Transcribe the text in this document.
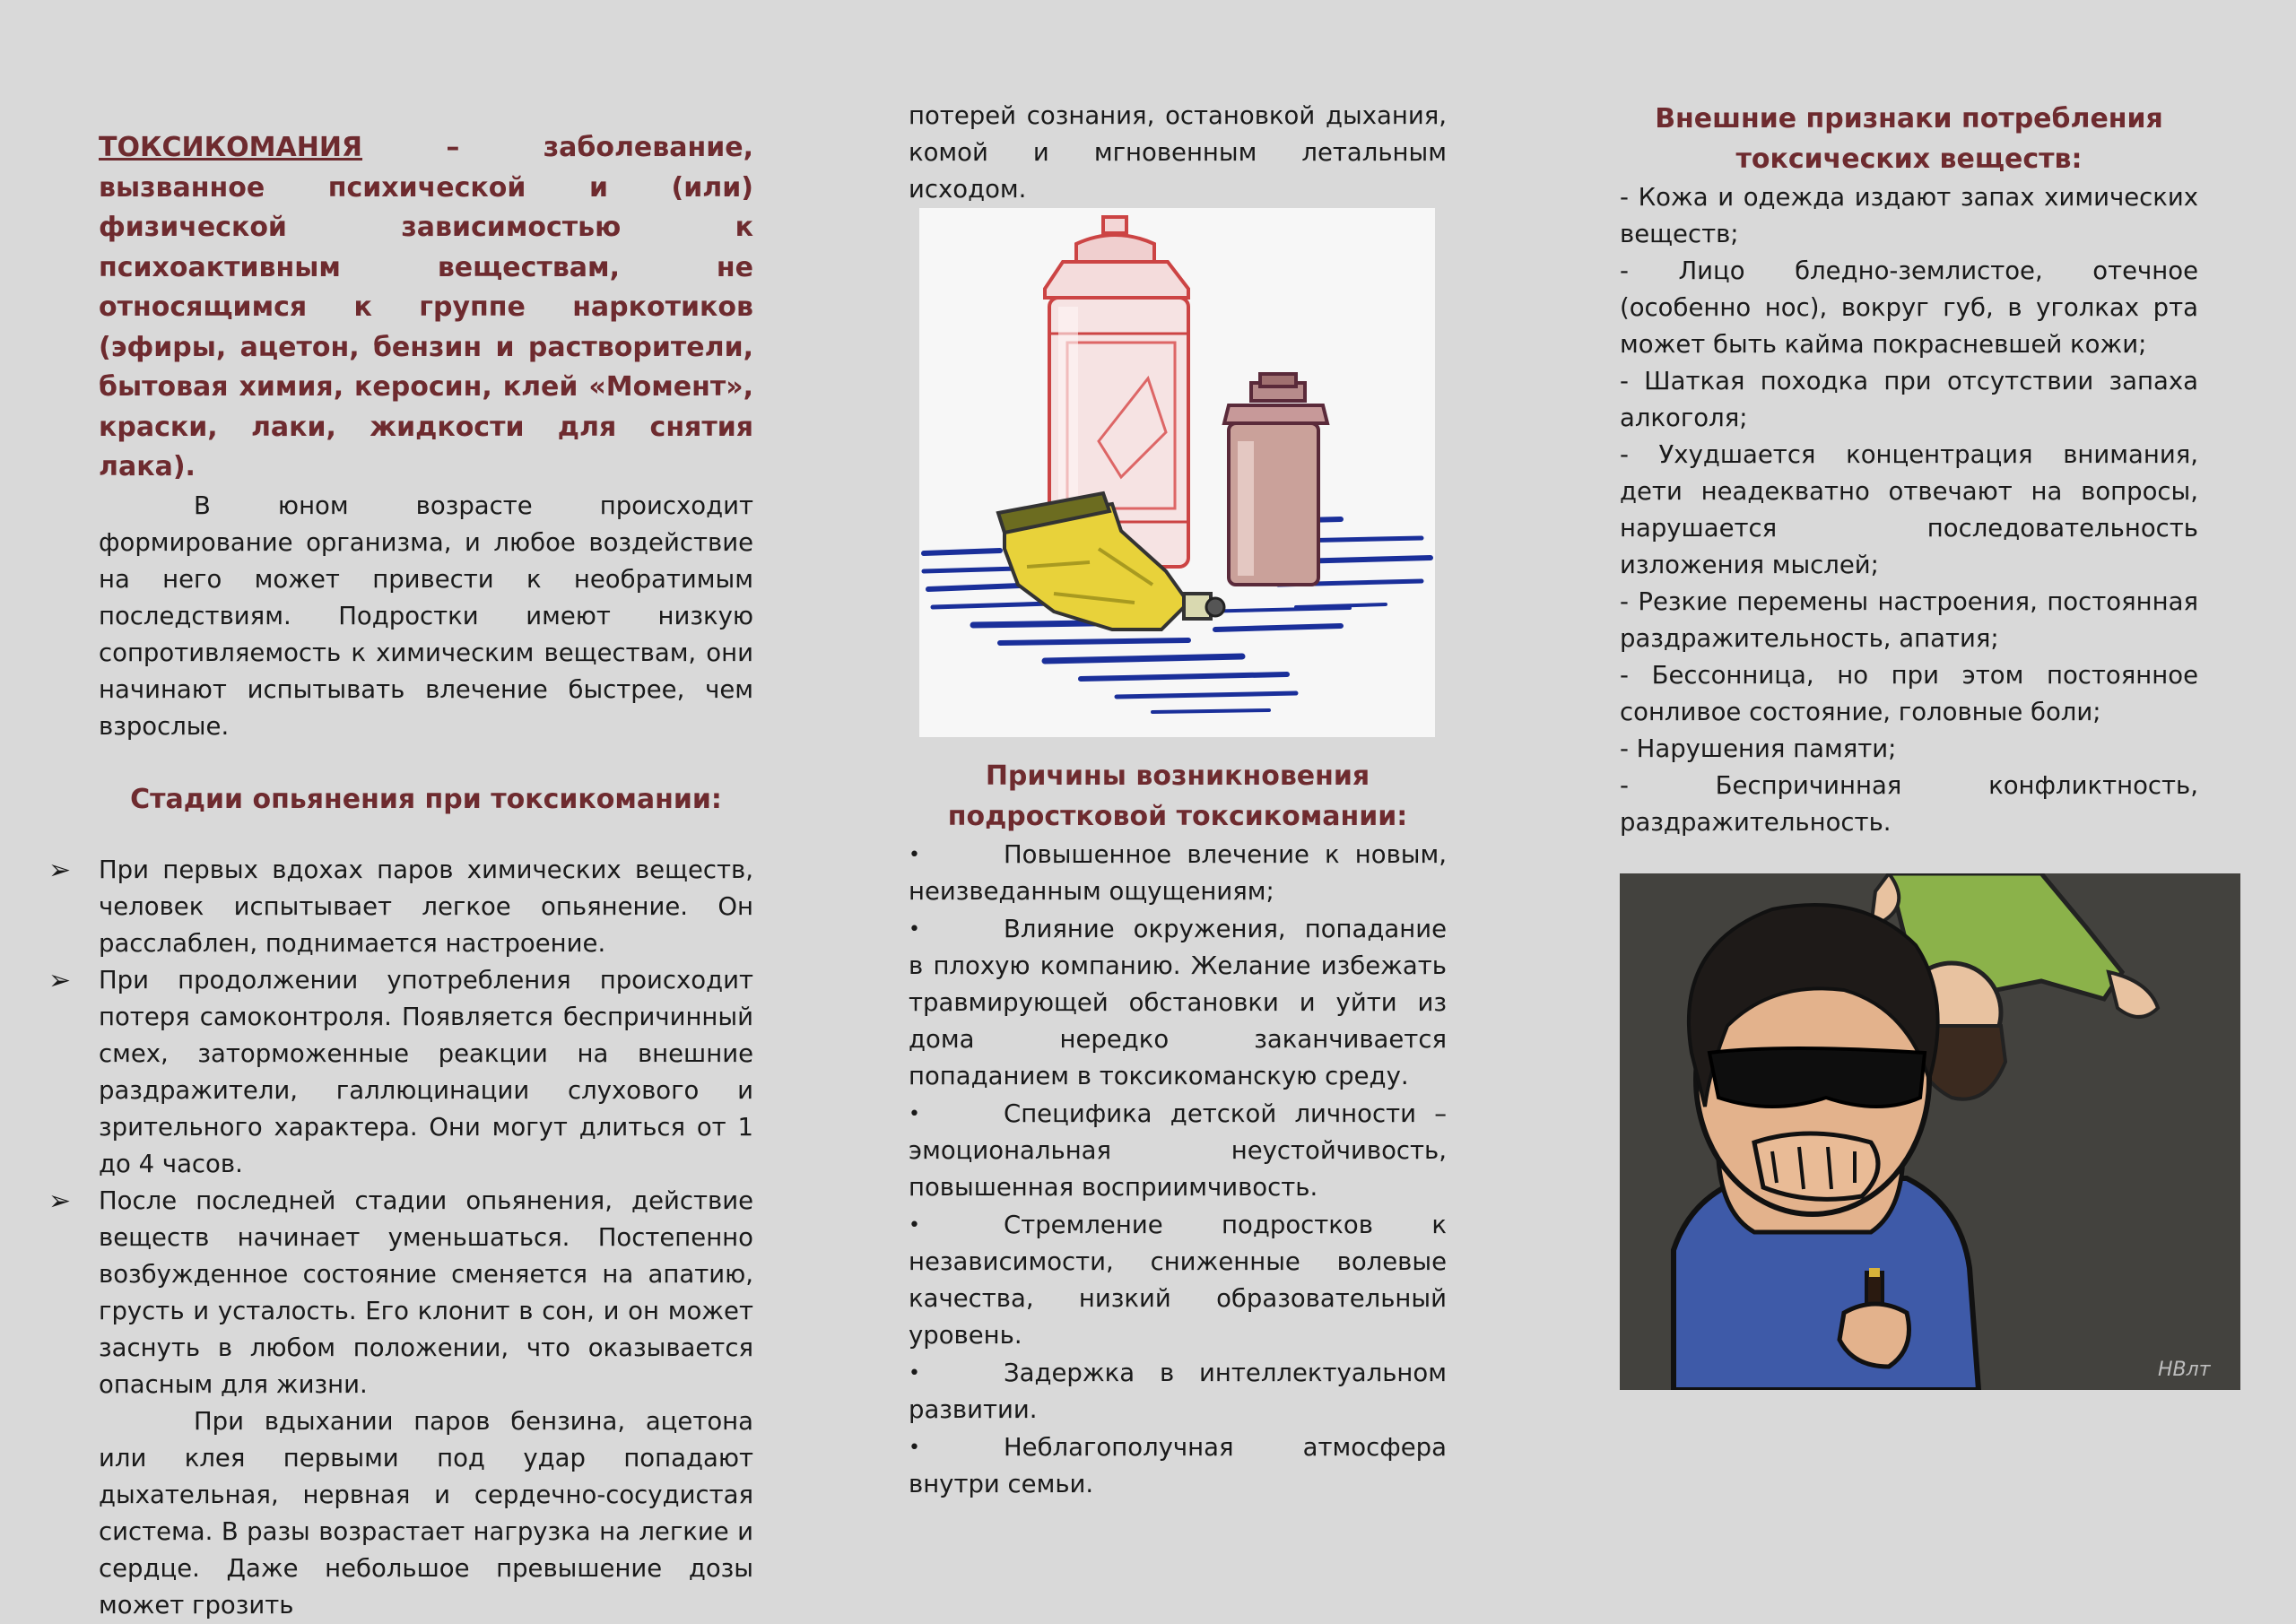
ТОКСИКОМАНИЯ – заболевание, вызванное психической и (или) физической зависимостью к психоактивным веществам, не относящимся к группе наркотиков (эфиры, ацетон, бензин и растворители, бытовая химия, керосин, клей «Момент», краски, лаки, жидкости для снятия лака).

В юном возрасте происходит формирование организма, и любое воздействие на него может привести к необратимым последствиям. Подростки имеют низкую сопротивляемость к химическим веществам, они начинают испытывать влечение быстрее, чем взрослые.

Стадии опьянения при токсикомании:

➢ При первых вдохах паров химических веществ, человек испытывает легкое опьянение. Он расслаблен, поднимается настроение.

➢ При продолжении употребления происходит потеря самоконтроля. Появляется беспричинный смех, заторможенные реакции на внешние раздражители, галлюцинации слухового и зрительного характера. Они могут длиться от 1 до 4 часов.

➢ После последней стадии опьянения, действие веществ начинает уменьшаться. Постепенно возбужденное состояние сменяется на апатию, грусть и усталость. Его клонит в сон, и он может заснуть в любом положении, что оказывается опасным для жизни.

При вдыхании паров бензина, ацетона или клея первыми под удар попадают дыхательная, нервная и сердечно-сосудистая система. В разы возрастает нагрузка на легкие и сердце. Даже небольшое превышение дозы может грозить

потерей сознания, остановкой дыхания, комой и мгновенным летальным исходом.

Причины возникновения подростковой токсикомании:

•	Повышенное влечение к новым, неизведанным ощущениям;
•	Влияние окружения, попадание в плохую компанию. Желание избежать травмирующей обстановки и уйти из дома нередко заканчивается попаданием в токсикоманскую среду.
•	Специфика детской личности – эмоциональная неустойчивость, повышенная восприимчивость.
•	Стремление подростков к независимости, сниженные волевые качества, низкий образовательный уровень.
•	Задержка в интеллектуальном развитии.
•	Неблагополучная атмосфера внутри семьи.

Внешние признаки потребления токсических веществ:

- Кожа и одежда издают запах химических веществ;

- Лицо бледно-землистое, отечное (особенно нос), вокруг губ, в уголках рта может быть кайма покрасневшей кожи;

- Шаткая походка при отсутствии запаха алкоголя;

- Ухудшается концентрация внимания, дети неадекватно отвечают на вопросы, нарушается последовательность изложения мыслей;

- Резкие перемены настроения, постоянная раздражительность, апатия;

- Бессонница, но при этом постоянное сонливое состояние, головные боли;

- Нарушения памяти;

- Беспричинная конфликтность, раздражительность.

НВлт
